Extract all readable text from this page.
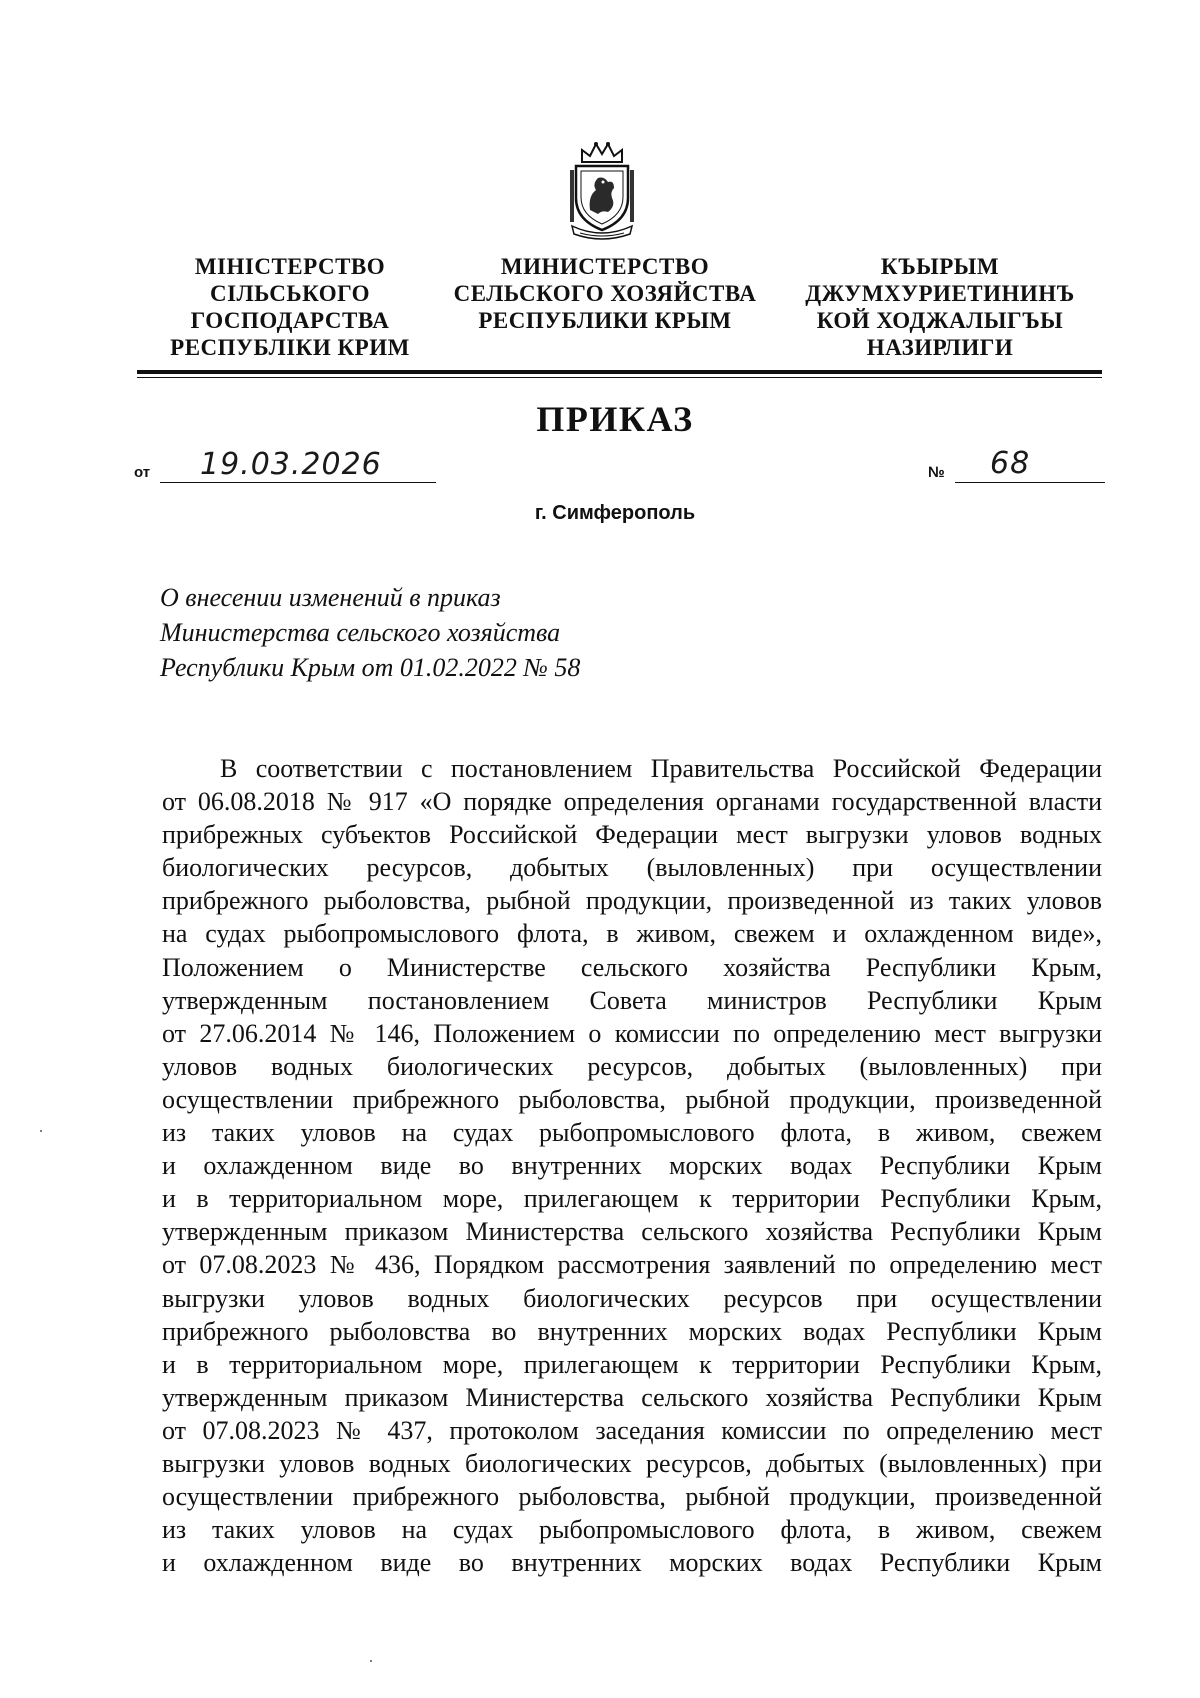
МІНІСТЕРСТВО
СІЛЬСЬКОГО
ГОСПОДАРСТВА
РЕСПУБЛІКИ КРИМ
МИНИСТЕРСТВО
СЕЛЬСКОГО ХОЗЯЙСТВА
РЕСПУБЛИКИ КРЫМ
КЪЫРЫМ
ДЖУМХУРИЕТИНИНЪ
КОЙ ХОДЖАЛЫГЪЫ
НАЗИРЛИГИ
ПРИКАЗ
от 19.03.2026	№ 68
г. Симферополь
О внесении изменений в приказ
Министерства сельского хозяйства
Республики Крым от 01.02.2022 № 58
В соответствии с постановлением Правительства Российской Федерации
от 06.08.2018 № 917 «О порядке определения органами государственной власти
прибрежных субъектов Российской Федерации мест выгрузки уловов водных
биологических ресурсов, добытых (выловленных) при осуществлении
прибрежного рыболовства, рыбной продукции, произведенной из таких уловов
на судах рыбопромыслового флота, в живом, свежем и охлажденном виде»,
Положением о Министерстве сельского хозяйства Республики Крым,
утвержденным постановлением Совета министров Республики Крым
от 27.06.2014 № 146, Положением о комиссии по определению мест выгрузки
уловов водных биологических ресурсов, добытых (выловленных) при
осуществлении прибрежного рыболовства, рыбной продукции, произведенной
из таких уловов на судах рыбопромыслового флота, в живом, свежем
и охлажденном виде во внутренних морских водах Республики Крым
и в территориальном море, прилегающем к территории Республики Крым,
утвержденным приказом Министерства сельского хозяйства Республики Крым
от 07.08.2023 № 436, Порядком рассмотрения заявлений по определению мест
выгрузки уловов водных биологических ресурсов при осуществлении
прибрежного рыболовства во внутренних морских водах Республики Крым
и в территориальном море, прилегающем к территории Республики Крым,
утвержденным приказом Министерства сельского хозяйства Республики Крым
от 07.08.2023 № 437, протоколом заседания комиссии по определению мест
выгрузки уловов водных биологических ресурсов, добытых (выловленных) при
осуществлении прибрежного рыболовства, рыбной продукции, произведенной
из таких уловов на судах рыбопромыслового флота, в живом, свежем
и охлажденном виде во внутренних морских водах Республики Крым
